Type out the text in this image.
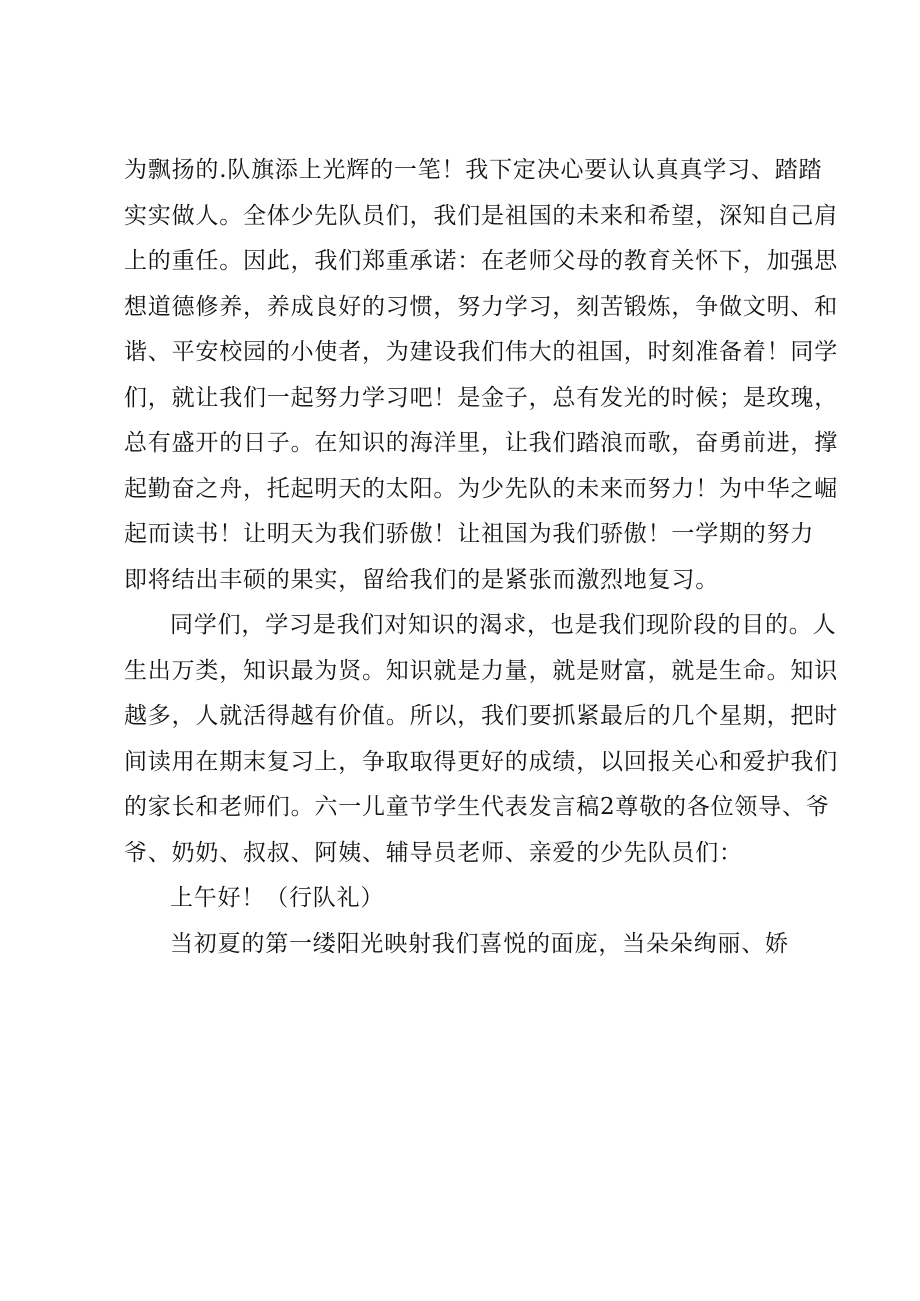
为飘扬的.队旗添上光辉的一笔！我下定决心要认认真真学习、踏踏
实实做人。全体少先队员们，我们是祖国的未来和希望，深知自己肩
上的重任。因此，我们郑重承诺：在老师父母的教育关怀下，加强思
想道德修养，养成良好的习惯，努力学习，刻苦锻炼，争做文明、和
谐、平安校园的小使者，为建设我们伟大的祖国，时刻准备着！同学
们，就让我们一起努力学习吧！是金子，总有发光的时候；是玫瑰，
总有盛开的日子。在知识的海洋里，让我们踏浪而歌，奋勇前进，撑
起勤奋之舟，托起明天的太阳。为少先队的未来而努力！为中华之崛
起而读书！让明天为我们骄傲！让祖国为我们骄傲！一学期的努力
即将结出丰硕的果实，留给我们的是紧张而激烈地复习。
同学们，学习是我们对知识的渴求，也是我们现阶段的目的。人
生出万类，知识最为贤。知识就是力量，就是财富，就是生命。知识
越多，人就活得越有价值。所以，我们要抓紧最后的几个星期，把时
间读用在期末复习上，争取取得更好的成绩，以回报关心和爱护我们
的家长和老师们。六一儿童节学生代表发言稿2尊敬的各位领导、爷
爷、奶奶、叔叔、阿姨、辅导员老师、亲爱的少先队员们：
上午好！（行队礼）
当初夏的第一缕阳光映射我们喜悦的面庞，当朵朵绚丽、娇
